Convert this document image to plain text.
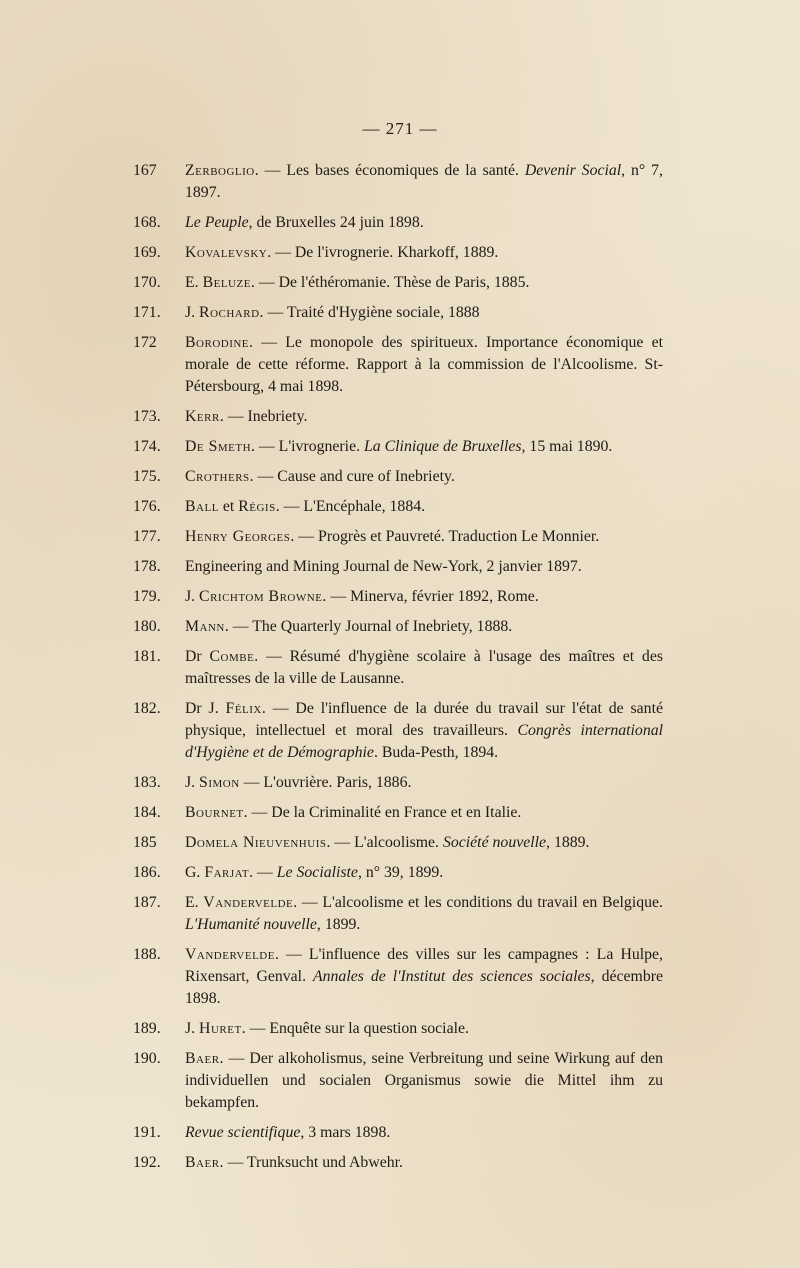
— 271 —
167	Zerboglio. — Les bases économiques de la santé. Devenir Social, n° 7, 1897.
168.	Le Peuple, de Bruxelles 24 juin 1898.
169.	Kovalevsky. — De l'ivrognerie. Kharkoff, 1889.
170.	E. Beluze. — De l'éthéromanie. Thèse de Paris, 1885.
171.	J. Rochard. — Traité d'Hygiène sociale, 1888
172	Borodine. — Le monopole des spiritueux. Importance économique et morale de cette réforme. Rapport à la commission de l'Alcoolisme. St-Pétersbourg, 4 mai 1898.
173.	Kerr. — Inebriety.
174.	De Smeth. — L'ivrognerie. La Clinique de Bruxelles, 15 mai 1890.
175.	Crothers. — Cause and cure of Inebriety.
176.	Ball et Régis. — L'Encéphale, 1884.
177.	Henry Georges. — Progrès et Pauvreté. Traduction Le Monnier.
178.	Engineering and Mining Journal de New-York, 2 janvier 1897.
179.	J. Crichtom Browne. — Minerva, février 1892, Rome.
180.	Mann. — The Quarterly Journal of Inebriety, 1888.
181.	Dr Combe. — Résumé d'hygiène scolaire à l'usage des maîtres et des maîtresses de la ville de Lausanne.
182.	Dr J. Félix. — De l'influence de la durée du travail sur l'état de santé physique, intellectuel et moral des travailleurs. Congrès international d'Hygiène et de Démographie. Buda-Pesth, 1894.
183.	J. Simon — L'ouvrière. Paris, 1886.
184.	Bournet. — De la Criminalité en France et en Italie.
185	Domela Nieuvenhuis. — L'alcoolisme. Société nouvelle, 1889.
186.	G. Farjat. — Le Socialiste, n° 39, 1899.
187.	E. Vandervelde. — L'alcoolisme et les conditions du travail en Belgique. L'Humanité nouvelle, 1899.
188.	Vandervelde. — L'influence des villes sur les campagnes : La Hulpe, Rixensart, Genval. Annales de l'Institut des sciences sociales, décembre 1898.
189.	J. Huret. — Enquête sur la question sociale.
190.	Baer. — Der alkoholismus, seine Verbreitung und seine Wirkung auf den individuellen und socialen Organismus sowie die Mittel ihm zu bekampfen.
191.	Revue scientifique, 3 mars 1898.
192.	Baer. — Trunksucht und Abwehr.
